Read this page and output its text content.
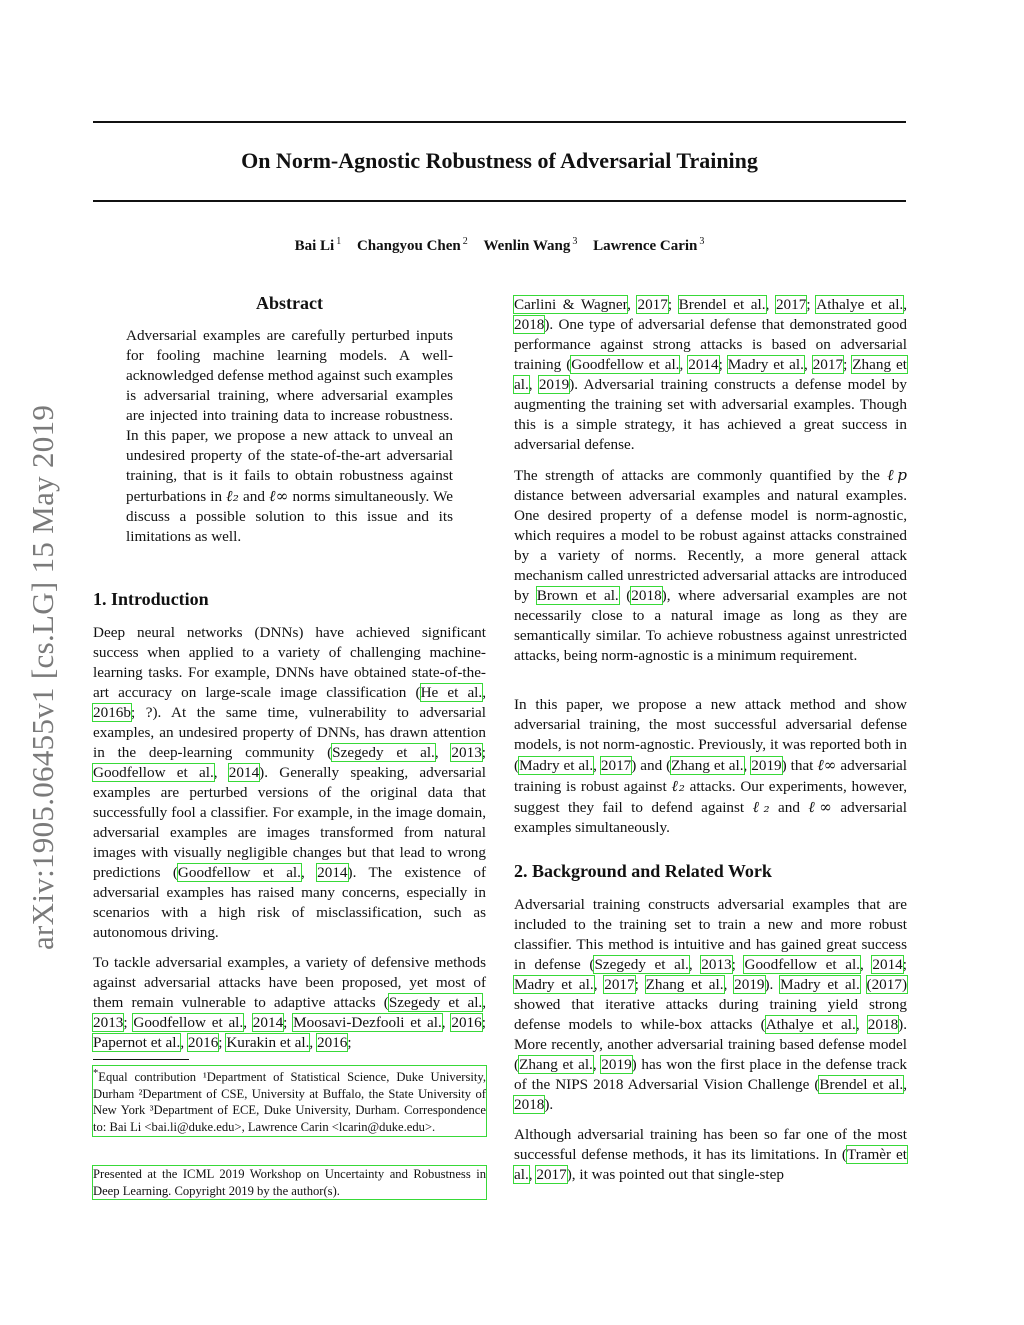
arXiv:1905.06455v1 [cs.LG] 15 May 2019
On Norm-Agnostic Robustness of Adversarial Training
Bai Li $^1$ Changyou Chen $^2$ Wenlin Wang $^3$ Lawrence Carin $^3$
Abstract
Adversarial examples are carefully perturbed inputs for fooling machine learning models. A well-acknowledged defense method against such examples is adversarial training, where adversarial examples are injected into training data to increase robustness. In this paper, we propose a new attack to unveal an undesired property of the state-of-the-art adversarial training, that is it fails to obtain robustness against perturbations in ℓ₂ and ℓ∞ norms simultaneously. We discuss a possible solution to this issue and its limitations as well.
1. Introduction
Deep neural networks (DNNs) have achieved significant success when applied to a variety of challenging machine-learning tasks. For example, DNNs have obtained state-of-the-art accuracy on large-scale image classification (He et al., 2016b; ?). At the same time, vulnerability to adversarial examples, an undesired property of DNNs, has drawn attention in the deep-learning community (Szegedy et al., 2013; Goodfellow et al., 2014). Generally speaking, adversarial examples are perturbed versions of the original data that successfully fool a classifier. For example, in the image domain, adversarial examples are images transformed from natural images with visually negligible changes but that lead to wrong predictions (Goodfellow et al., 2014). The existence of adversarial examples has raised many concerns, especially in scenarios with a high risk of misclassification, such as autonomous driving.
To tackle adversarial examples, a variety of defensive methods against adversarial attacks have been proposed, yet most of them remain vulnerable to adaptive attacks (Szegedy et al., 2013; Goodfellow et al., 2014; Moosavi-Dezfooli et al., 2016; Papernot et al., 2016; Kurakin et al., 2016;
*Equal contribution ¹Department of Statistical Science, Duke University, Durham ²Department of CSE, University at Buffalo, the State University of New York ³Department of ECE, Duke University, Durham. Correspondence to: Bai Li <bai.li@duke.edu>, Lawrence Carin <lcarin@duke.edu>.
Presented at the ICML 2019 Workshop on Uncertainty and Robustness in Deep Learning. Copyright 2019 by the author(s).
Carlini & Wagner, 2017; Brendel et al., 2017; Athalye et al., 2018). One type of adversarial defense that demonstrated good performance against strong attacks is based on adversarial training (Goodfellow et al., 2014; Madry et al., 2017; Zhang et al., 2019). Adversarial training constructs a defense model by augmenting the training set with adversarial examples. Though this is a simple strategy, it has achieved a great success in adversarial defense.
The strength of attacks are commonly quantified by the ℓp distance between adversarial examples and natural examples. One desired property of a defense model is norm-agnostic, which requires a model to be robust against attacks constrained by a variety of norms. Recently, a more general attack mechanism called unrestricted adversarial attacks are introduced by Brown et al. (2018), where adversarial examples are not necessarily close to a natural image as long as they are semantically similar. To achieve robustness against unrestricted attacks, being norm-agnostic is a minimum requirement.
In this paper, we propose a new attack method and show adversarial training, the most successful adversarial defense models, is not norm-agnostic. Previously, it was reported both in (Madry et al., 2017) and (Zhang et al., 2019) that ℓ∞ adversarial training is robust against ℓ₂ attacks. Our experiments, however, suggest they fail to defend against ℓ₂ and ℓ∞ adversarial examples simultaneously.
2. Background and Related Work
Adversarial training constructs adversarial examples that are included to the training set to train a new and more robust classifier. This method is intuitive and has gained great success in defense (Szegedy et al., 2013; Goodfellow et al., 2014; Madry et al., 2017; Zhang et al., 2019). Madry et al. (2017) showed that iterative attacks during training yield strong defense models to while-box attacks (Athalye et al., 2018). More recently, another adversarial training based defense model (Zhang et al., 2019) has won the first place in the defense track of the NIPS 2018 Adversarial Vision Challenge (Brendel et al., 2018).
Although adversarial training has been so far one of the most successful defense methods, it has its limitations. In (Tramèr et al., 2017), it was pointed out that single-step
